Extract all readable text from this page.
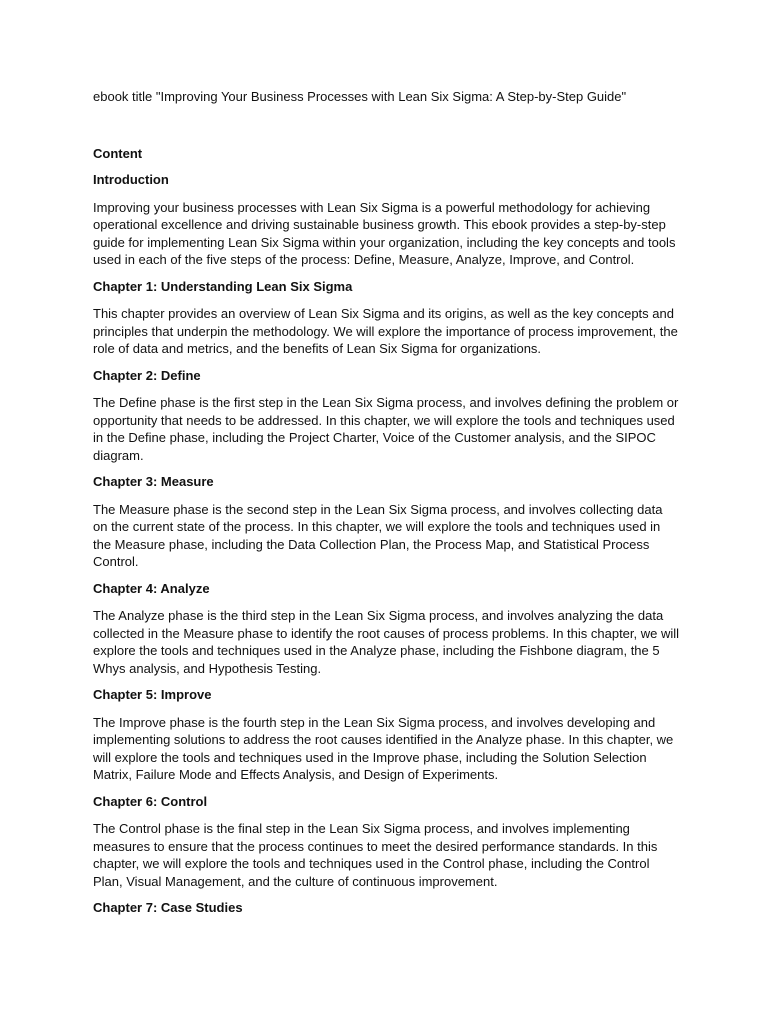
ebook title "Improving Your Business Processes with Lean Six Sigma: A Step-by-Step Guide"

Content

Introduction

Improving your business processes with Lean Six Sigma is a powerful methodology for achieving operational excellence and driving sustainable business growth. This ebook provides a step-by-step guide for implementing Lean Six Sigma within your organization, including the key concepts and tools used in each of the five steps of the process: Define, Measure, Analyze, Improve, and Control.

Chapter 1: Understanding Lean Six Sigma

This chapter provides an overview of Lean Six Sigma and its origins, as well as the key concepts and principles that underpin the methodology. We will explore the importance of process improvement, the role of data and metrics, and the benefits of Lean Six Sigma for organizations.

Chapter 2: Define

The Define phase is the first step in the Lean Six Sigma process, and involves defining the problem or opportunity that needs to be addressed. In this chapter, we will explore the tools and techniques used in the Define phase, including the Project Charter, Voice of the Customer analysis, and the SIPOC diagram.

Chapter 3: Measure

The Measure phase is the second step in the Lean Six Sigma process, and involves collecting data on the current state of the process. In this chapter, we will explore the tools and techniques used in the Measure phase, including the Data Collection Plan, the Process Map, and Statistical Process Control.

Chapter 4: Analyze

The Analyze phase is the third step in the Lean Six Sigma process, and involves analyzing the data collected in the Measure phase to identify the root causes of process problems. In this chapter, we will explore the tools and techniques used in the Analyze phase, including the Fishbone diagram, the 5 Whys analysis, and Hypothesis Testing.

Chapter 5: Improve

The Improve phase is the fourth step in the Lean Six Sigma process, and involves developing and implementing solutions to address the root causes identified in the Analyze phase. In this chapter, we will explore the tools and techniques used in the Improve phase, including the Solution Selection Matrix, Failure Mode and Effects Analysis, and Design of Experiments.

Chapter 6: Control

The Control phase is the final step in the Lean Six Sigma process, and involves implementing measures to ensure that the process continues to meet the desired performance standards. In this chapter, we will explore the tools and techniques used in the Control phase, including the Control Plan, Visual Management, and the culture of continuous improvement.

Chapter 7: Case Studies
